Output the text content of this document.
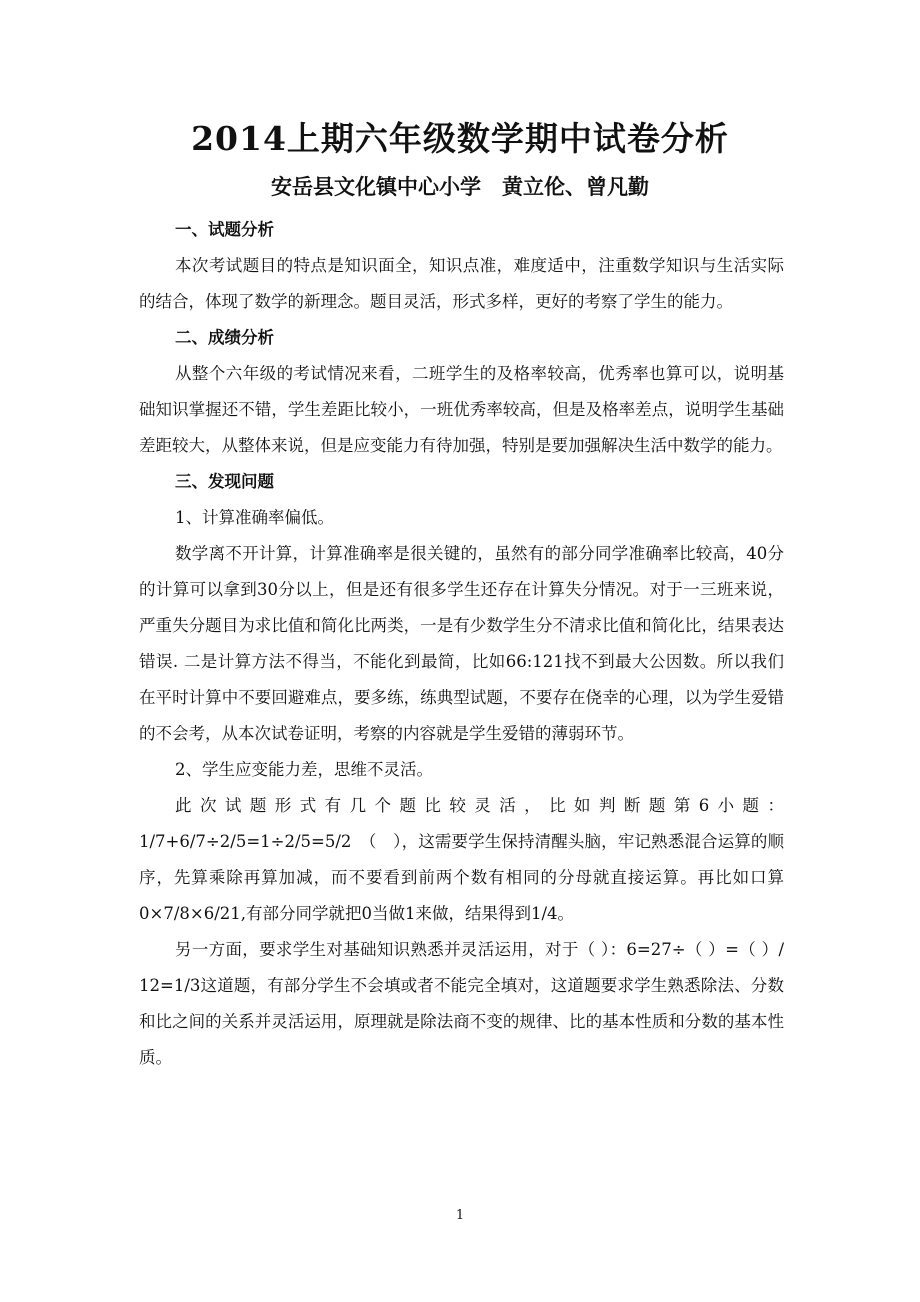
2014上期六年级数学期中试卷分析
安岳县文化镇中心小学　黄立伦、曾凡勤

一、试题分析

本次考试题目的特点是知识面全，知识点准，难度适中，注重数学知识与生活实际的结合，体现了数学的新理念。题目灵活，形式多样，更好的考察了学生的能力。

二、成绩分析

从整个六年级的考试情况来看，二班学生的及格率较高，优秀率也算可以，说明基础知识掌握还不错，学生差距比较小，一班优秀率较高，但是及格率差点，说明学生基础差距较大，从整体来说，但是应变能力有待加强，特别是要加强解决生活中数学的能力。

三、发现问题

1、计算准确率偏低。

数学离不开计算，计算准确率是很关键的，虽然有的部分同学准确率比较高，40分的计算可以拿到30分以上，但是还有很多学生还存在计算失分情况。对于一三班来说，严重失分题目为求比值和简化比两类，一是有少数学生分不清求比值和简化比，结果表达错误. 二是计算方法不得当，不能化到最简，比如66:121找不到最大公因数。所以我们在平时计算中不要回避难点，要多练，练典型试题，不要存在侥幸的心理，以为学生爱错的不会考，从本次试卷证明，考察的内容就是学生爱错的薄弱环节。

2、学生应变能力差，思维不灵活。

此次试题形式有几个题比较灵活，比如判断题第6小题：1/7+6/7÷2/5=1÷2/5=5/2　（　），这需要学生保持清醒头脑，牢记熟悉混合运算的顺序，先算乘除再算加减，而不要看到前两个数有相同的分母就直接运算。再比如口算0×7/8×6/21,有部分同学就把0当做1来做，结果得到1/4。

另一方面，要求学生对基础知识熟悉并灵活运用，对于（ ）：6=27÷（ ）=（ ）/ 12=1/3这道题，有部分学生不会填或者不能完全填对，这道题要求学生熟悉除法、分数和比之间的关系并灵活运用，原理就是除法商不变的规律、比的基本性质和分数的基本性质。

1
